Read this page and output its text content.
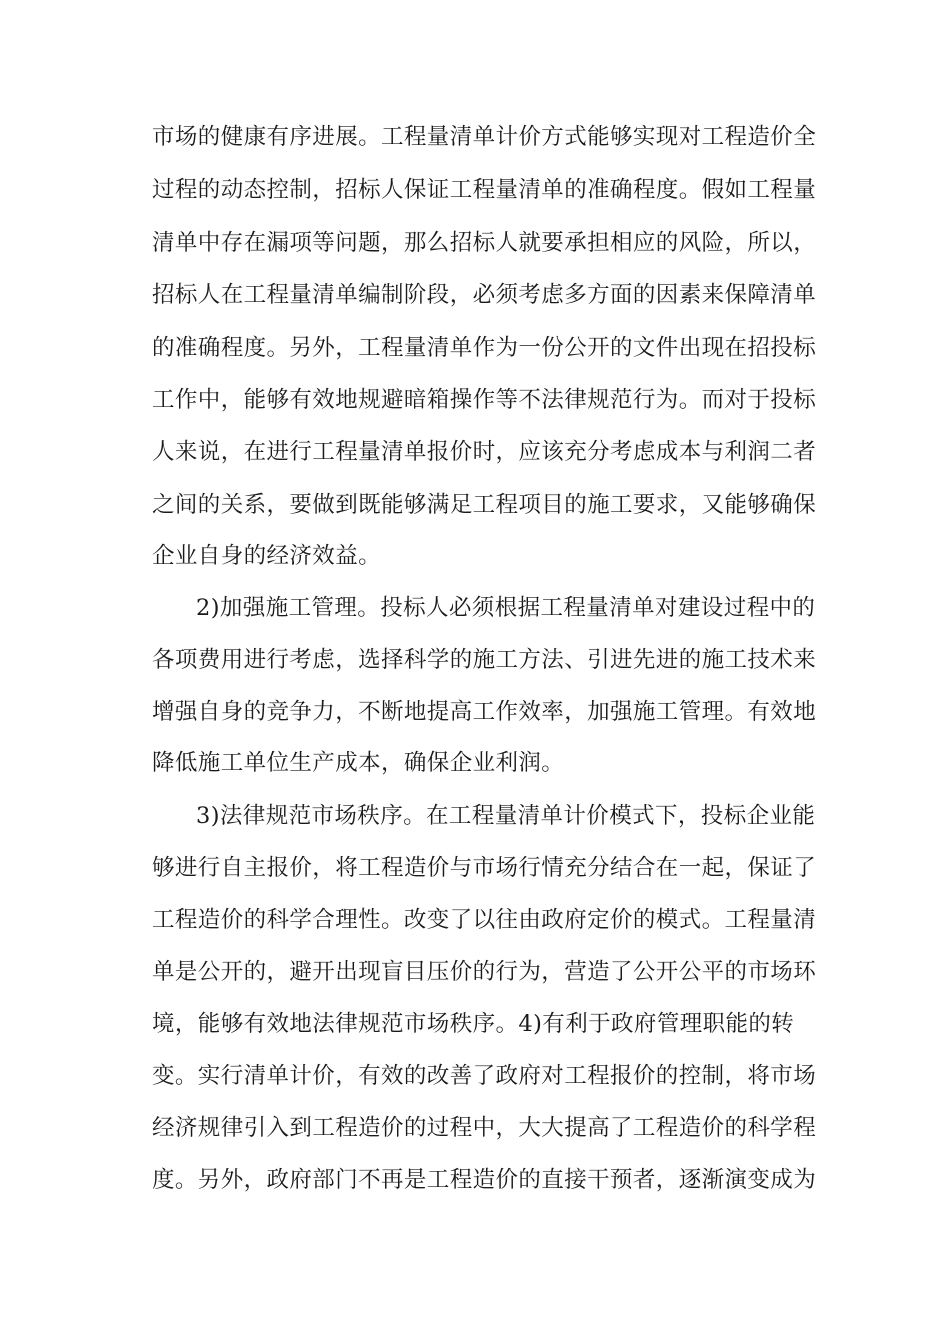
市场的健康有序进展。工程量清单计价方式能够实现对工程造价全
过程的动态控制，招标人保证工程量清单的准确程度。假如工程量
清单中存在漏项等问题，那么招标人就要承担相应的风险，所以，
招标人在工程量清单编制阶段，必须考虑多方面的因素来保障清单
的准确程度。另外，工程量清单作为一份公开的文件出现在招投标
工作中，能够有效地规避暗箱操作等不法律规范行为。而对于投标
人来说，在进行工程量清单报价时，应该充分考虑成本与利润二者
之间的关系，要做到既能够满足工程项目的施工要求，又能够确保
企业自身的经济效益。
2)加强施工管理。投标人必须根据工程量清单对建设过程中的
各项费用进行考虑，选择科学的施工方法、引进先进的施工技术来
增强自身的竞争力，不断地提高工作效率，加强施工管理。有效地
降低施工单位生产成本，确保企业利润。
3)法律规范市场秩序。在工程量清单计价模式下，投标企业能
够进行自主报价，将工程造价与市场行情充分结合在一起，保证了
工程造价的科学合理性。改变了以往由政府定价的模式。工程量清
单是公开的，避开出现盲目压价的行为，营造了公开公平的市场环
境，能够有效地法律规范市场秩序。4)有利于政府管理职能的转
变。实行清单计价，有效的改善了政府对工程报价的控制，将市场
经济规律引入到工程造价的过程中，大大提高了工程造价的科学程
度。另外，政府部门不再是工程造价的直接干预者，逐渐演变成为
